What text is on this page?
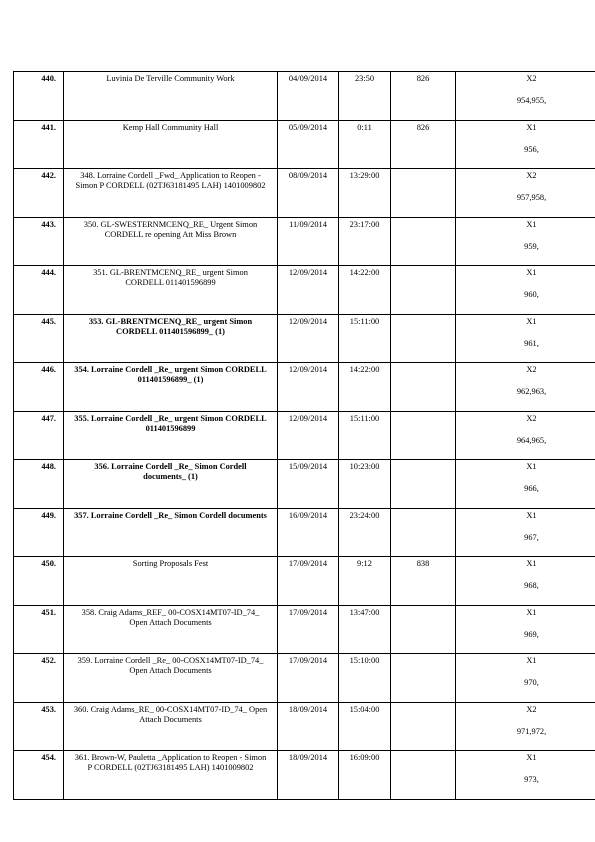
440.	Luvinia De Terville Community Work	04/09/2014	23:50	826	X2
954,955,

441.	Kemp Hall Community Hall	05/09/2014	0:11	826	X1
956,

442.	348. Lorraine Cordell _Fwd_ Application to Reopen - Simon P CORDELL (02TJ63181495 LAH) 1401009802	08/09/2014	13:29:00		X2
957,958,

443.	350. GL-SWESTERNMCENQ_RE_ Urgent Simon CORDELL re opening Att Miss Brown	11/09/2014	23:17:00		X1
959,

444.	351. GL-BRENTMCENQ_RE_ urgent Simon CORDELL 011401596899	12/09/2014	14:22:00		X1
960,

445.	353. GL-BRENTMCENQ_RE_ urgent Simon CORDELL 011401596899_ (1)	12/09/2014	15:11:00		X1
961,

446.	354. Lorraine Cordell _Re_ urgent Simon CORDELL 011401596899_ (1)	12/09/2014	14:22:00		X2
962,963,

447.	355. Lorraine Cordell _Re_ urgent Simon CORDELL 011401596899	12/09/2014	15:11:00		X2
964,965,

448.	356. Lorraine Cordell _Re_ Simon Cordell documents_ (1)	15/09/2014	10:23:00		X1
966,

449.	357. Lorraine Cordell _Re_ Simon Cordell documents	16/09/2014	23:24:00		X1
967,

450.	Sorting Proposals Fest	17/09/2014	9:12	838	X1
968,

451.	358. Craig Adams_REF_ 00-COSX14MT07-ID_74_ Open Attach Documents	17/09/2014	13:47:00		X1
969,

452.	359. Lorraine Cordell _Re_ 00-COSX14MT07-ID_74_ Open Attach Documents	17/09/2014	15:10:00		X1
970,

453.	360. Craig Adams_RE_ 00-COSX14MT07-ID_74_ Open Attach Documents	18/09/2014	15:04:00		X2
971,972,

454.	361. Brown-W, Pauletta _Application to Reopen - Simon P CORDELL (02TJ63181495 LAH) 1401009802	18/09/2014	16:09:00		X1
973,
